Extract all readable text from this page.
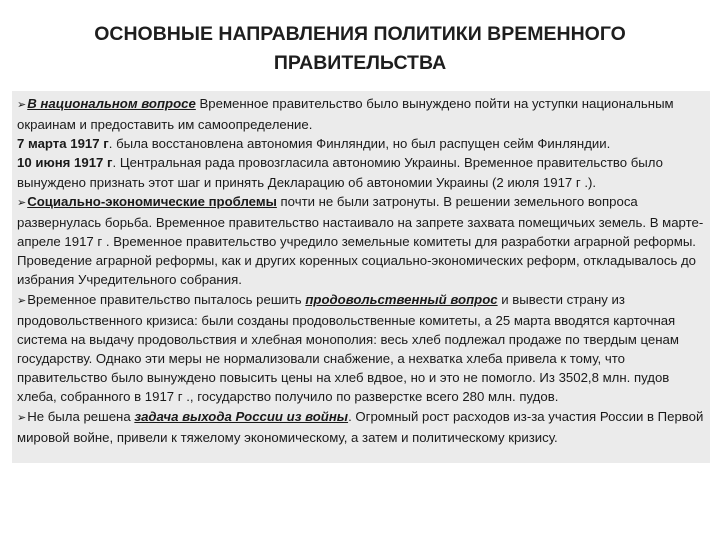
ОСНОВНЫЕ НАПРАВЛЕНИЯ ПОЛИТИКИ ВРЕМЕННОГО
ПРАВИТЕЛЬСТВА

➢В национальном вопросе Временное правительство было вынуждено пойти на уступки национальным окраинам и предоставить им самоопределение.

7 марта 1917 г. была восстановлена автономия Финляндии, но был распущен сейм Финляндии.

10 июня 1917 г. Центральная рада провозгласила автономию Украины. Временное правительство было вынуждено признать этот шаг и принять Декларацию об автономии Украины (2 июля 1917 г .).

➢Социально-экономические проблемы почти не были затронуты. В решении земельного вопроса развернулась борьба. Временное правительство настаивало на запрете захвата помещичьих земель. В марте-апреле 1917 г . Временное правительство учредило земельные комитеты для разработки аграрной реформы. Проведение аграрной реформы, как и других коренных социально-экономических реформ, откладывалось до избрания Учредительного собрания.

➢Временное правительство пыталось решить продовольственный вопрос и вывести страну из продовольственного кризиса: были созданы продовольственные комитеты, а 25 марта вводятся карточная система на выдачу продовольствия и хлебная монополия: весь хлеб подлежал продаже по твердым ценам государству. Однако эти меры не нормализовали снабжение, а нехватка хлеба привела к тому, что правительство было вынуждено повысить цены на хлеб вдвое, но и это не помогло. Из 3502,8 млн. пудов хлеба, собранного в 1917 г ., государство получило по разверстке всего 280 млн. пудов.

➢Не была решена задача выхода России из войны. Огромный рост расходов из-за участия России в Первой мировой войне, привели к тяжелому экономическому, а затем и политическому кризису.
